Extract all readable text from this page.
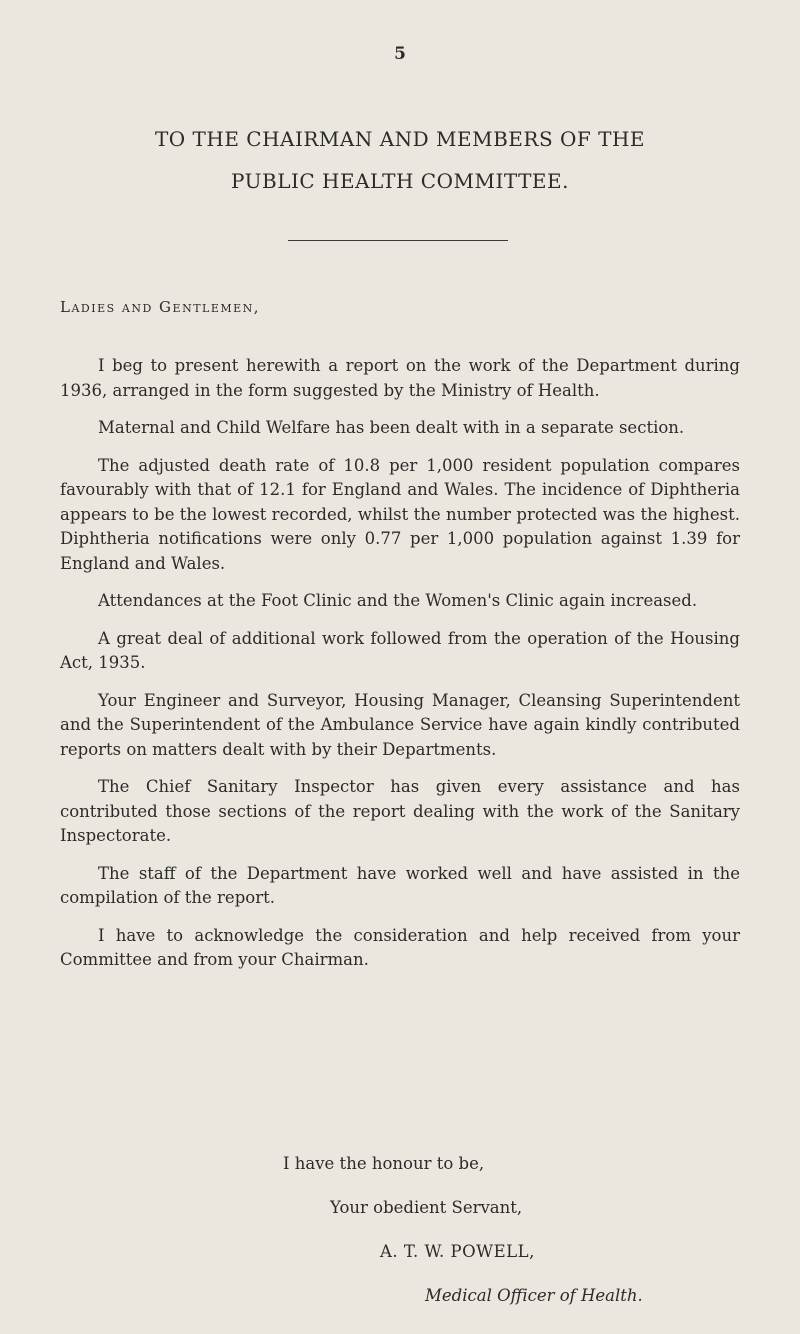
5
TO THE CHAIRMAN AND MEMBERS OF THE
PUBLIC HEALTH COMMITTEE.
Ladies and Gentlemen,

I beg to present herewith a report on the work of the Department during 1936, arranged in the form suggested by the Ministry of Health.

Maternal and Child Welfare has been dealt with in a separate section.

The adjusted death rate of 10.8 per 1,000 resident population compares favourably with that of 12.1 for England and Wales. The incidence of Diphtheria appears to be the lowest recorded, whilst the number protected was the highest. Diphtheria notifications were only 0.77 per 1,000 population against 1.39 for England and Wales.

Attendances at the Foot Clinic and the Women's Clinic again increased.

A great deal of additional work followed from the operation of the Housing Act, 1935.

Your Engineer and Surveyor, Housing Manager, Cleansing Superintendent and the Superintendent of the Ambulance Service have again kindly contributed reports on matters dealt with by their Departments.

The Chief Sanitary Inspector has given every assistance and has contributed those sections of the report dealing with the work of the Sanitary Inspectorate.

The staff of the Department have worked well and have assisted in the compilation of the report.

I have to acknowledge the consideration and help received from your Committee and from your Chairman.

I have the honour to be,
Your obedient Servant,
A. T. W. POWELL,
Medical Officer of Health.
